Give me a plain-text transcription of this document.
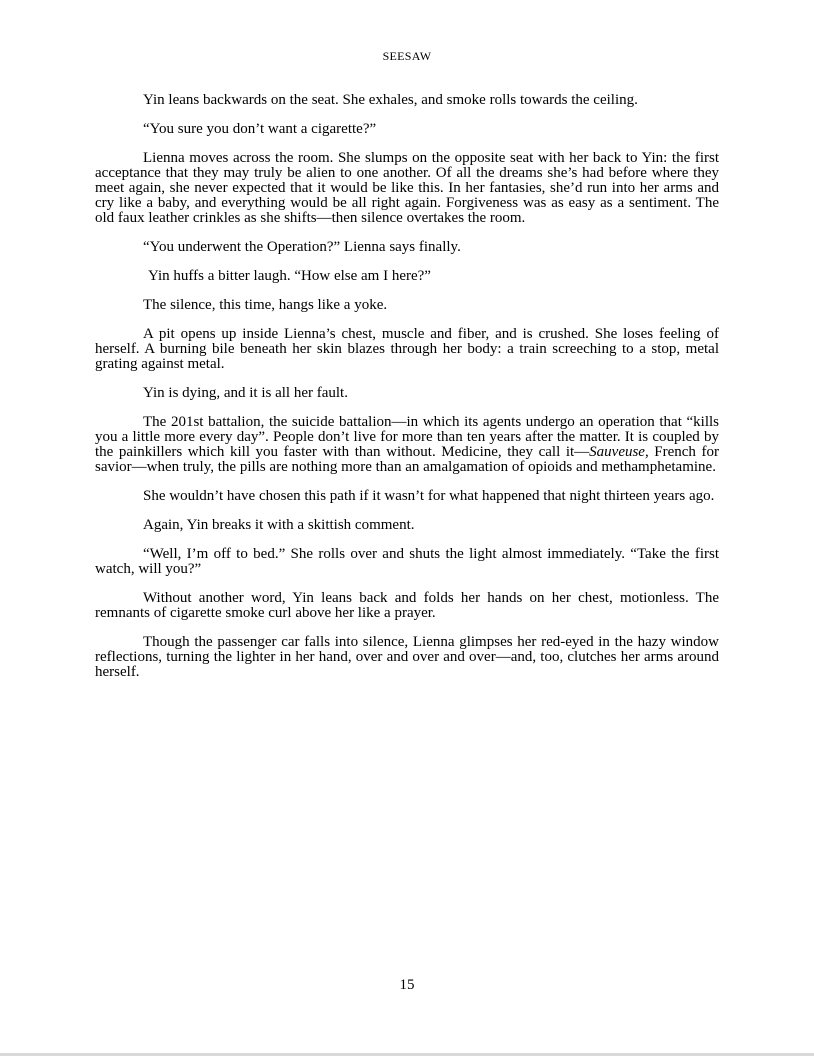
SEESAW

Yin leans backwards on the seat. She exhales, and smoke rolls towards the ceiling.

“You sure you don’t want a cigarette?”

Lienna moves across the room. She slumps on the opposite seat with her back to Yin: the first acceptance that they may truly be alien to one another. Of all the dreams she’s had before where they meet again, she never expected that it would be like this. In her fantasies, she’d run into her arms and cry like a baby, and everything would be all right again. Forgiveness was as easy as a sentiment. The old faux leather crinkles as she shifts—then silence overtakes the room.

“You underwent the Operation?” Lienna says finally.

Yin huffs a bitter laugh. “How else am I here?”

The silence, this time, hangs like a yoke.

A pit opens up inside Lienna’s chest, muscle and fiber, and is crushed. She loses feeling of herself. A burning bile beneath her skin blazes through her body: a train screeching to a stop, metal grating against metal.

Yin is dying, and it is all her fault.

The 201st battalion, the suicide battalion—in which its agents undergo an operation that “kills you a little more every day”. People don’t live for more than ten years after the matter. It is coupled by the painkillers which kill you faster with than without. Medicine, they call it—Sauveuse, French for savior—when truly, the pills are nothing more than an amalgamation of opioids and methamphetamine.

She wouldn’t have chosen this path if it wasn’t for what happened that night thirteen years ago.

Again, Yin breaks it with a skittish comment.

“Well, I’m off to bed.” She rolls over and shuts the light almost immediately. “Take the first watch, will you?”

Without another word, Yin leans back and folds her hands on her chest, motionless. The remnants of cigarette smoke curl above her like a prayer.

Though the passenger car falls into silence, Lienna glimpses her red-eyed in the hazy window reflections, turning the lighter in her hand, over and over and over—and, too, clutches her arms around herself.

15
